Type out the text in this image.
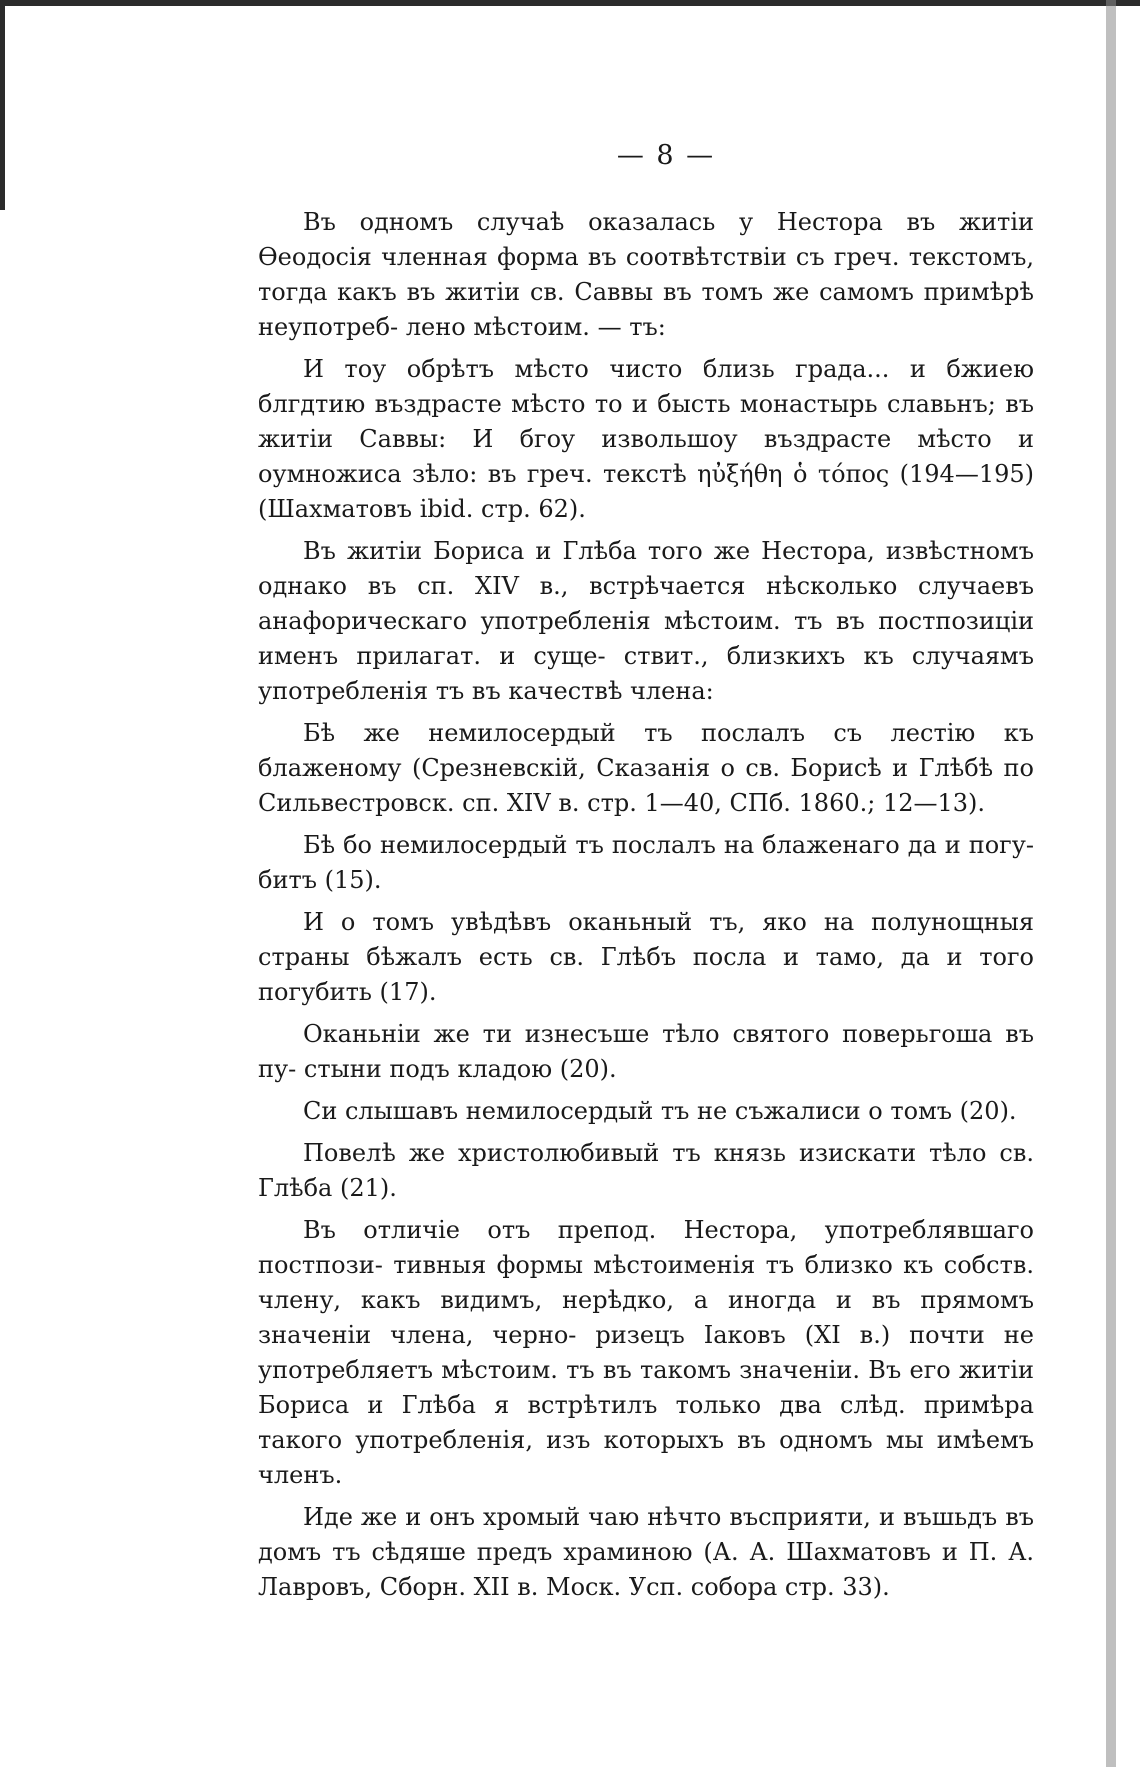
— 8 —

Въ одномъ случаѣ оказалась у Нестора въ житіи Ѳеодосія членная форма въ соотвѣтствіи съ греч. текстомъ, тогда какъ въ житіи св. Саввы въ томъ же самомъ примѣрѣ неупотреб- лено мѣстоим. — тъ:

И тоу обрѣтъ мѣсто чисто близь града... и бжиею блгдтию въздрасте мѣсто то и бысть монастырь славьнъ; въ житіи Саввы: И бгоу извольшоу въздрасте мѣсто и оумножиса зѣло: въ греч. текстѣ ηὐξήθη ὁ τόπος (194—195) (Шахматовъ ibid. стр. 62).

Въ житіи Бориса и Глѣба того же Нестора, извѣстномъ однако въ сп. XIV в., встрѣчается нѣсколько случаевъ анафорическаго употребленія мѣстоим. тъ въ постпозиціи именъ прилагат. и суще- ствит., близкихъ къ случаямъ употребленія тъ въ качествѣ члена:

Бѣ же немилосердый тъ послалъ съ лестію къ блаженому (Срезневскій, Сказанія о св. Борисѣ и Глѣбѣ по Сильвестровск. сп. XIV в. стр. 1—40, СПб. 1860.; 12—13).

Бѣ бо немилосердый тъ послалъ на блаженаго да и погу- битъ (15).

И о томъ увѣдѣвъ оканьный тъ, яко на полунощныя страны бѣжалъ есть св. Глѣбъ посла и тамо, да и того погубить (17).

Оканьніи же ти изнесъше тѣло святого поверьгоша въ пу- стыни подъ кладою (20).

Си слышавъ немилосердый тъ не съжалиси о томъ (20).

Повелѣ же христолюбивый тъ князь изискати тѣло св. Глѣба (21).

Въ отличіе отъ препод. Нестора, употреблявшаго постпози- тивныя формы мѣстоименія тъ близко къ собств. члену, какъ видимъ, нерѣдко, а иногда и въ прямомъ значеніи члена, черно- ризецъ Іаковъ (XI в.) почти не употребляетъ мѣстоим. тъ въ такомъ значеніи. Въ его житіи Бориса и Глѣба я встрѣтилъ только два слѣд. примѣра такого употребленія, изъ которыхъ въ одномъ мы имѣемъ членъ.

Иде же и онъ хромый чаю нѣчто въсприяти, и въшьдъ въ домъ тъ сѣдяше предъ храминою (А. А. Шахматовъ и П. А. Лавровъ, Сборн. XII в. Моск. Усп. собора стр. 33).
